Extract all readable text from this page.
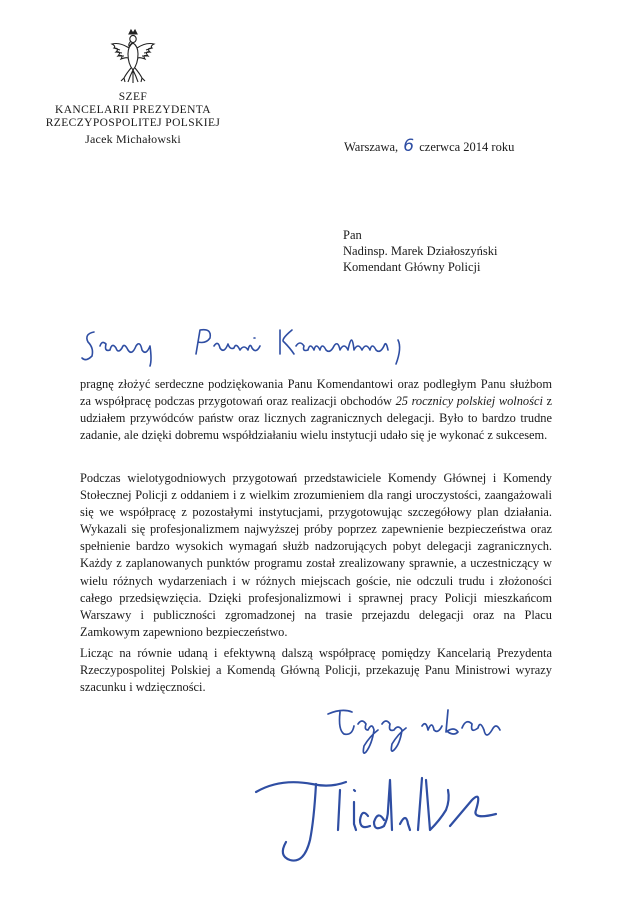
SZEF
KANCELARII PREZYDENTA
RZECZYPOSPOLITEJ POLSKIEJ
Jacek Michałowski
Warszawa, 6 czerwca 2014 roku
Pan
Nadinsp. Marek Działoszyński
Komendant Główny Policji

pragnę złożyć serdeczne podziękowania Panu Komendantowi oraz podległym Panu służbom za współpracę podczas przygotowań oraz realizacji obchodów 25 rocznicy polskiej wolności z udziałem przywódców państw oraz licznych zagranicznych delegacji. Było to bardzo trudne zadanie, ale dzięki dobremu współdziałaniu wielu instytucji udało się je wykonać z sukcesem.

Podczas wielotygodniowych przygotowań przedstawiciele Komendy Głównej i Komendy Stołecznej Policji z oddaniem i z wielkim zrozumieniem dla rangi uroczystości, zaangażowali się we współpracę z pozostałymi instytucjami, przygotowując szczegółowy plan działania. Wykazali się profesjonalizmem najwyższej próby poprzez zapewnienie bezpieczeństwa oraz spełnienie bardzo wysokich wymagań służb nadzorujących pobyt delegacji zagranicznych. Każdy z zaplanowanych punktów programu został zrealizowany sprawnie, a uczestniczący w wielu różnych wydarzeniach i w różnych miejscach goście, nie odczuli trudu i złożoności całego przedsięwzięcia. Dzięki profesjonalizmowi i sprawnej pracy Policji mieszkańcom Warszawy i publiczności zgromadzonej na trasie przejazdu delegacji oraz na Placu Zamkowym zapewniono bezpieczeństwo.

Licząc na równie udaną i efektywną dalszą współpracę pomiędzy Kancelarią Prezydenta Rzeczypospolitej Polskiej a Komendą Główną Policji, przekazuję Panu Ministrowi wyrazy szacunku i wdzięczności.
